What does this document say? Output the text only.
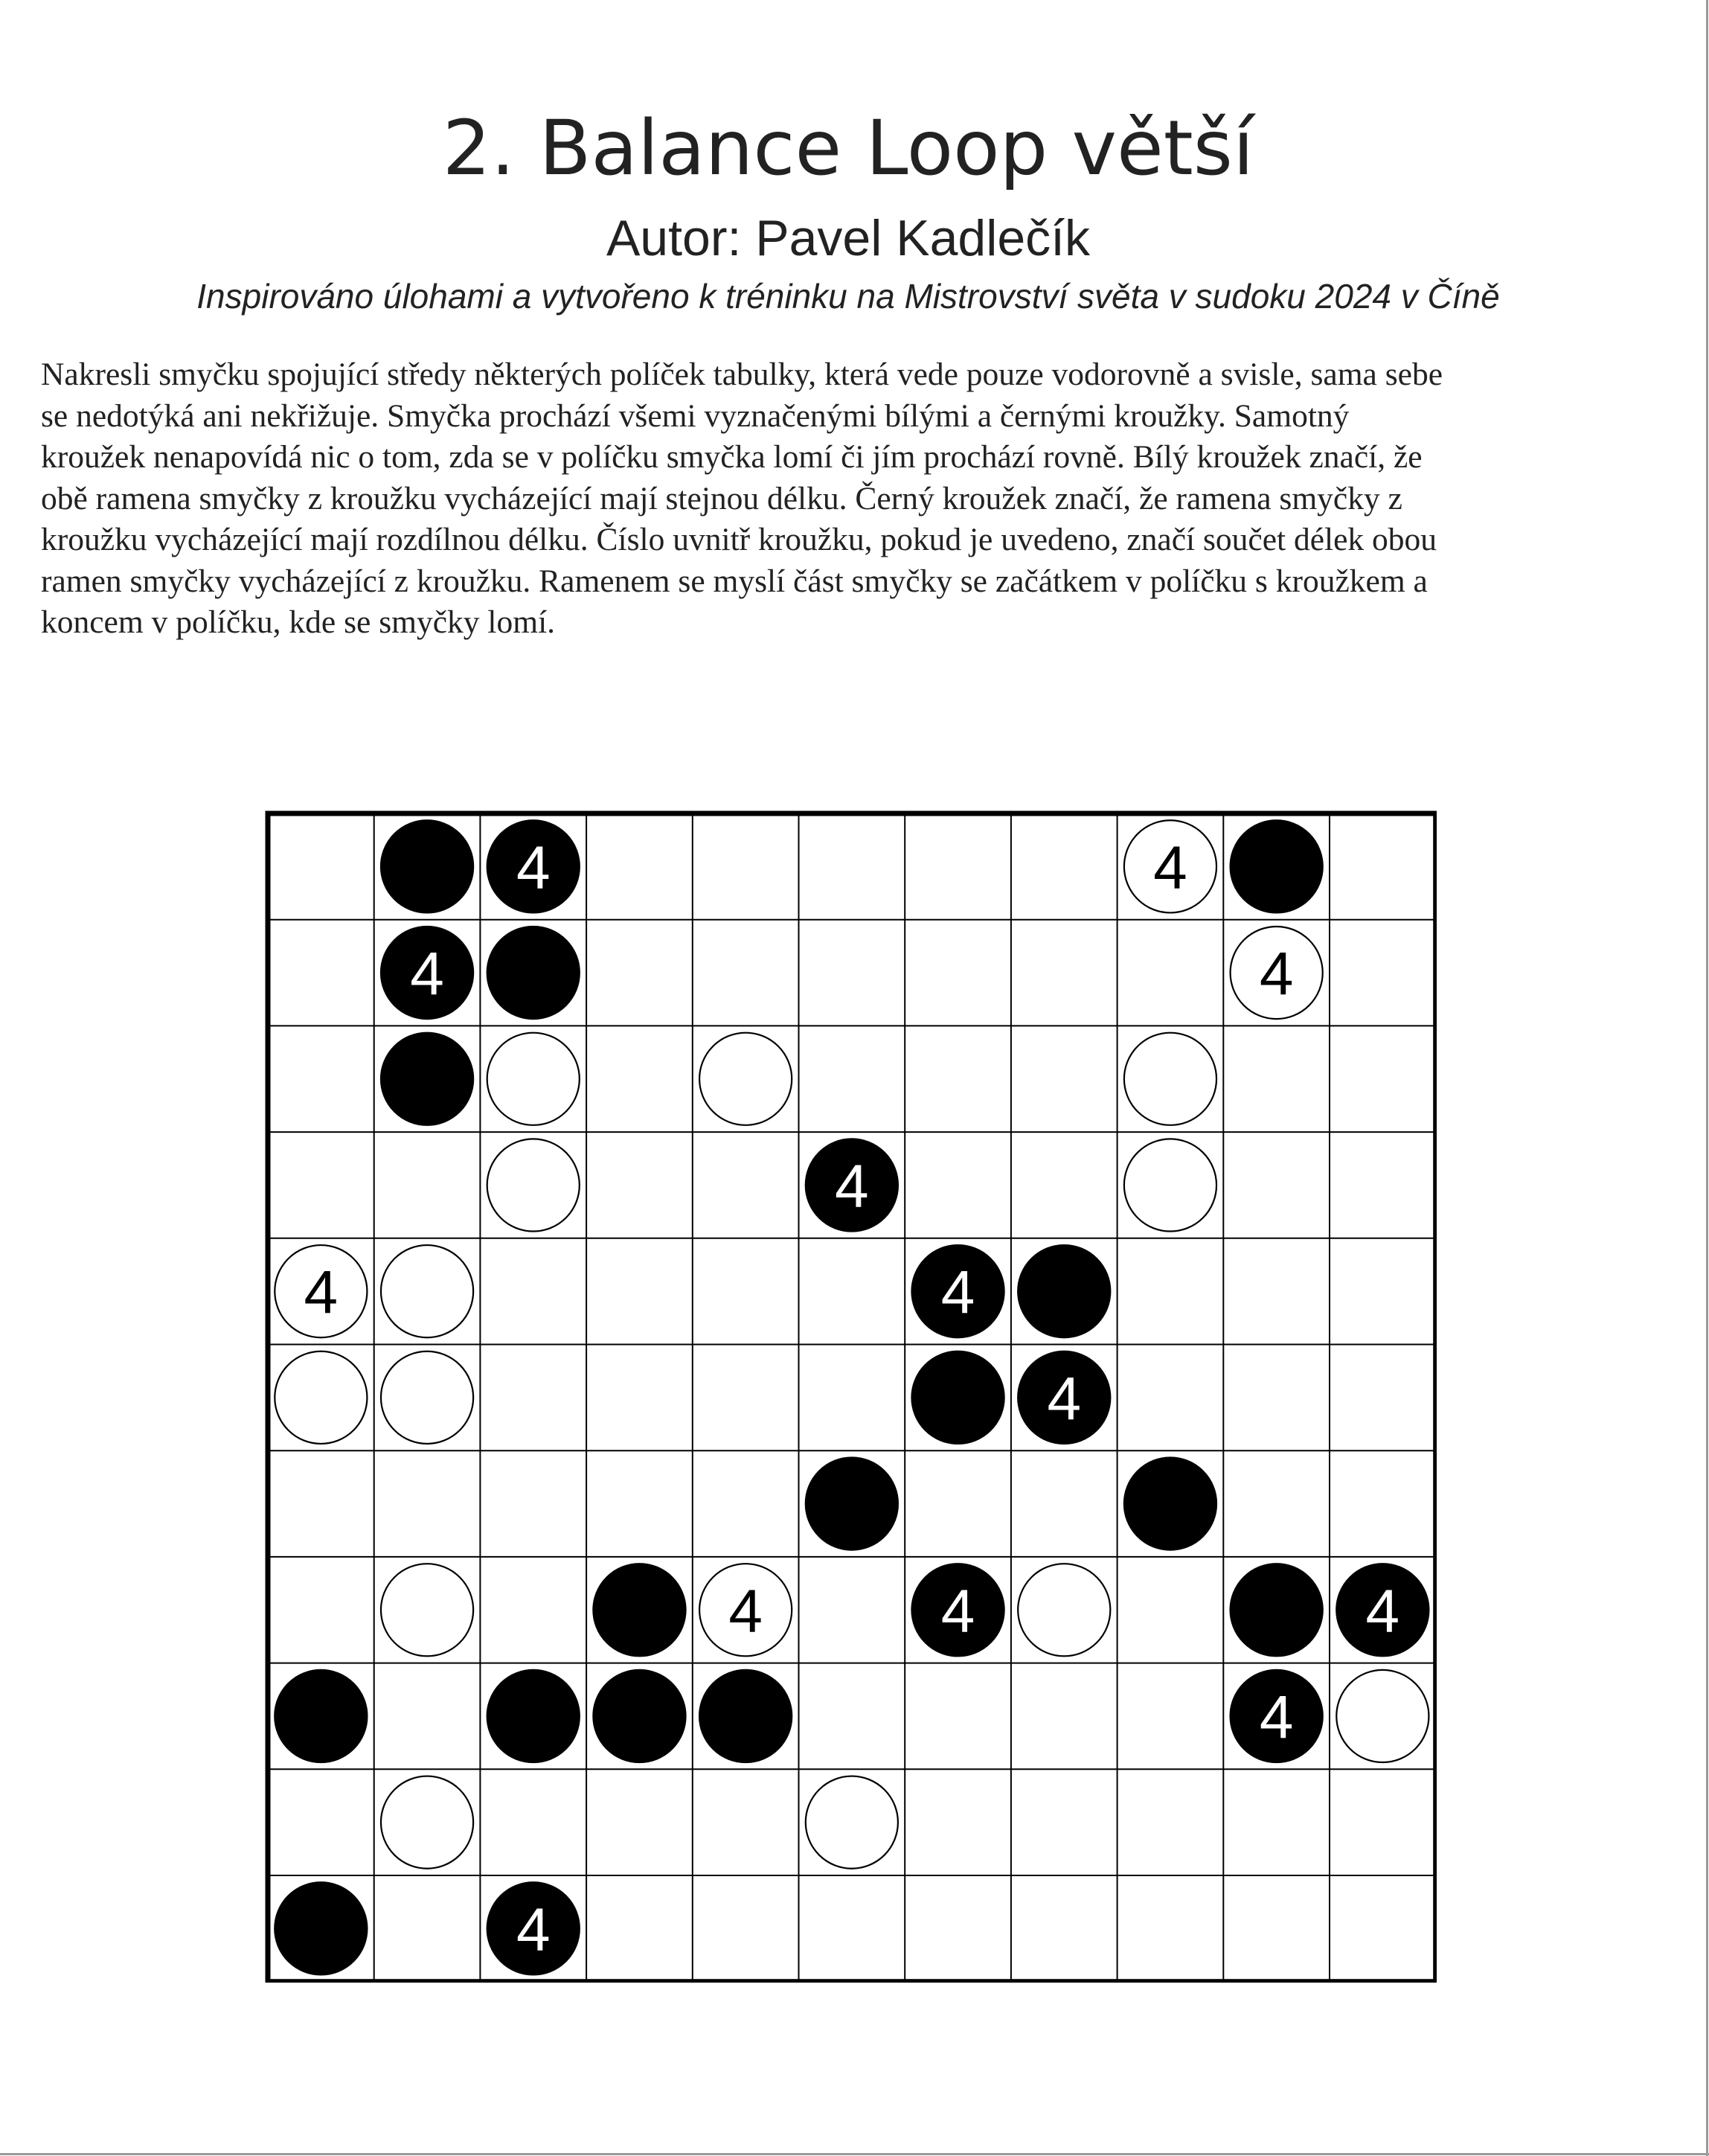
2. Balance Loop větší
Autor: Pavel Kadlečík
Inspirováno úlohami a vytvořeno k tréninku na Mistrovství světa v sudoku 2024 v Číně
Nakresli smyčku spojující středy některých políček tabulky, která vede pouze vodorovně a svisle, sama sebe
se nedotýká ani nekřižuje. Smyčka prochází všemi vyznačenými bílými a černými kroužky. Samotný
kroužek nenapovídá nic o tom, zda se v políčku smyčka lomí či jím prochází rovně. Bílý kroužek značí, že
obě ramena smyčky z kroužku vycházející mají stejnou délku. Černý kroužek značí, že ramena smyčky z
kroužku vycházející mají rozdílnou délku. Číslo uvnitř kroužku, pokud je uvedeno, značí součet délek obou
ramen smyčky vycházející z kroužku. Ramenem se myslí část smyčky se začátkem v políčku s kroužkem a
koncem v políčku, kde se smyčky lomí.
4	4
4	4
4
4	4
4
4	4	4
4
4
